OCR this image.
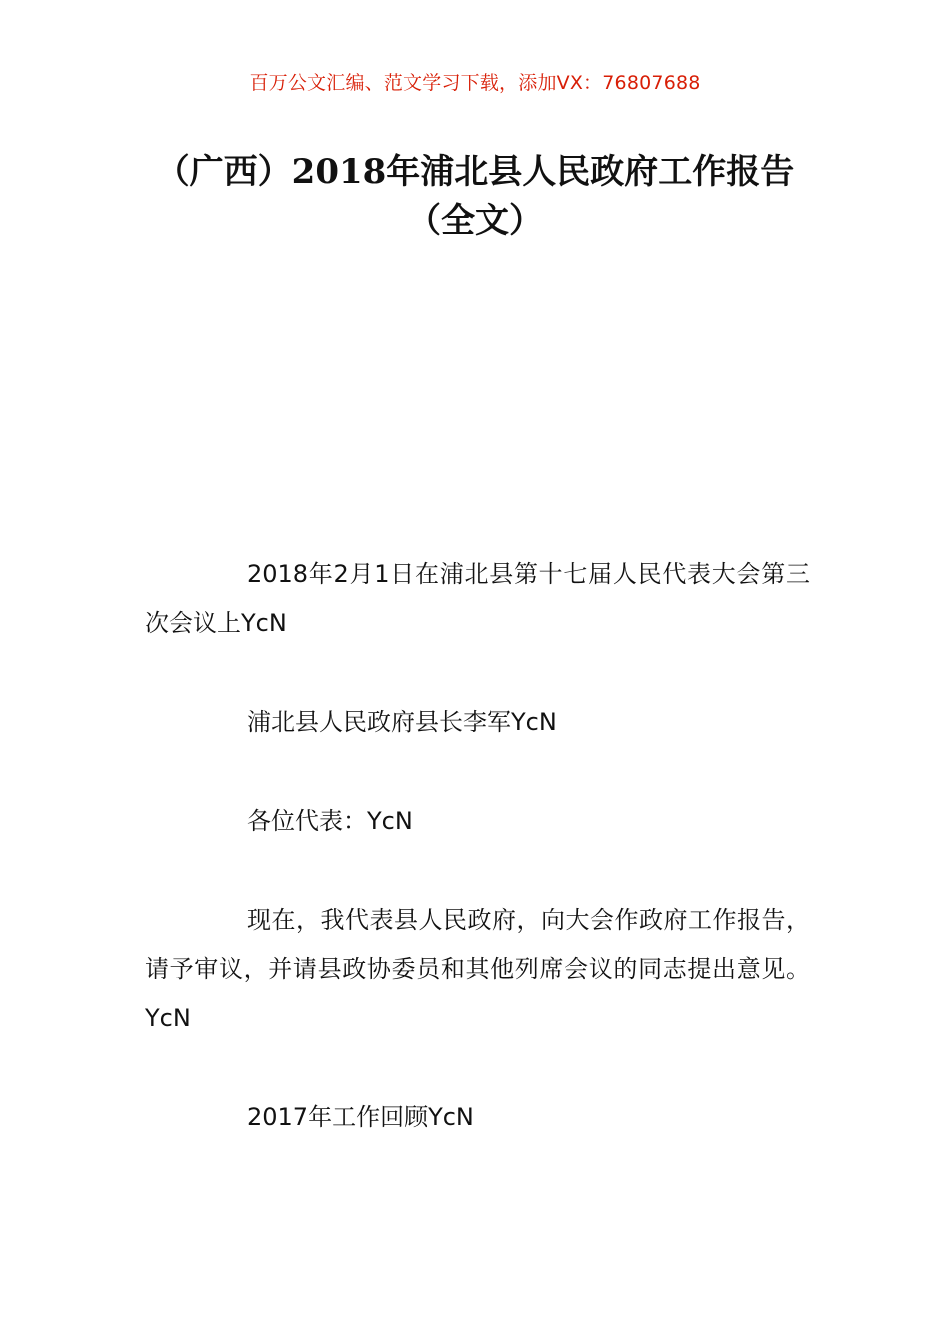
百万公文汇编、范文学习下载，添加VX：76807688
（广西）2018年浦北县人民政府工作报告
（全文）

2018年2月1日在浦北县第十七届人民代表大会第三次会议上YcN

浦北县人民政府县长李军YcN

各位代表：YcN

现在，我代表县人民政府，向大会作政府工作报告，请予审议，并请县政协委员和其他列席会议的同志提出意见。YcN

2017年工作回顾YcN
